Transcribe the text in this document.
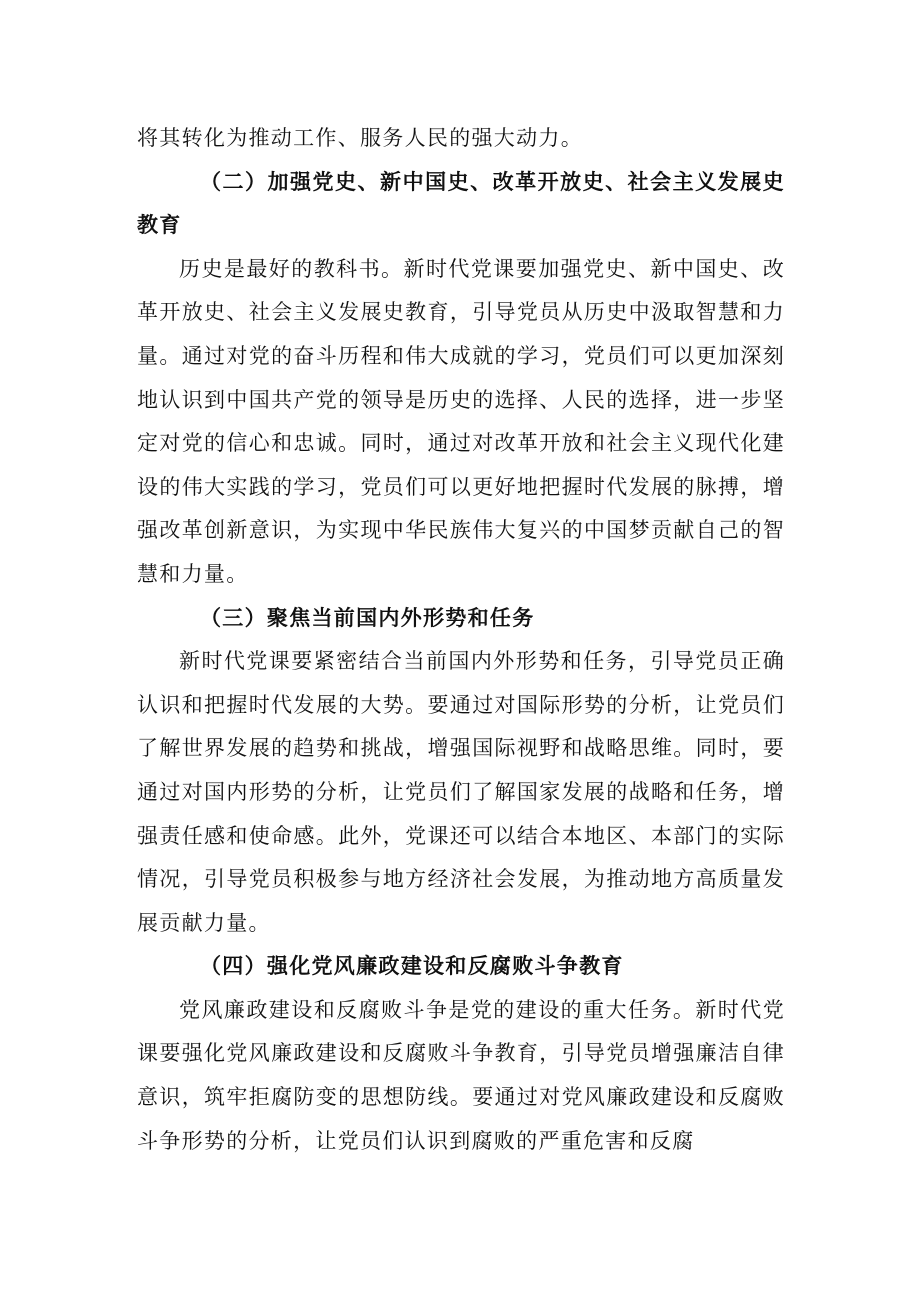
将其转化为推动工作、服务人民的强大动力。

（二）加强党史、新中国史、改革开放史、社会主义发展史教育

历史是最好的教科书。新时代党课要加强党史、新中国史、改革开放史、社会主义发展史教育，引导党员从历史中汲取智慧和力量。通过对党的奋斗历程和伟大成就的学习，党员们可以更加深刻地认识到中国共产党的领导是历史的选择、人民的选择，进一步坚定对党的信心和忠诚。同时，通过对改革开放和社会主义现代化建设的伟大实践的学习，党员们可以更好地把握时代发展的脉搏，增强改革创新意识，为实现中华民族伟大复兴的中国梦贡献自己的智慧和力量。

（三）聚焦当前国内外形势和任务

新时代党课要紧密结合当前国内外形势和任务，引导党员正确认识和把握时代发展的大势。要通过对国际形势的分析，让党员们了解世界发展的趋势和挑战，增强国际视野和战略思维。同时，要通过对国内形势的分析，让党员们了解国家发展的战略和任务，增强责任感和使命感。此外，党课还可以结合本地区、本部门的实际情况，引导党员积极参与地方经济社会发展，为推动地方高质量发展贡献力量。

（四）强化党风廉政建设和反腐败斗争教育

党风廉政建设和反腐败斗争是党的建设的重大任务。新时代党课要强化党风廉政建设和反腐败斗争教育，引导党员增强廉洁自律意识，筑牢拒腐防变的思想防线。要通过对党风廉政建设和反腐败斗争形势的分析，让党员们认识到腐败的严重危害和反腐
